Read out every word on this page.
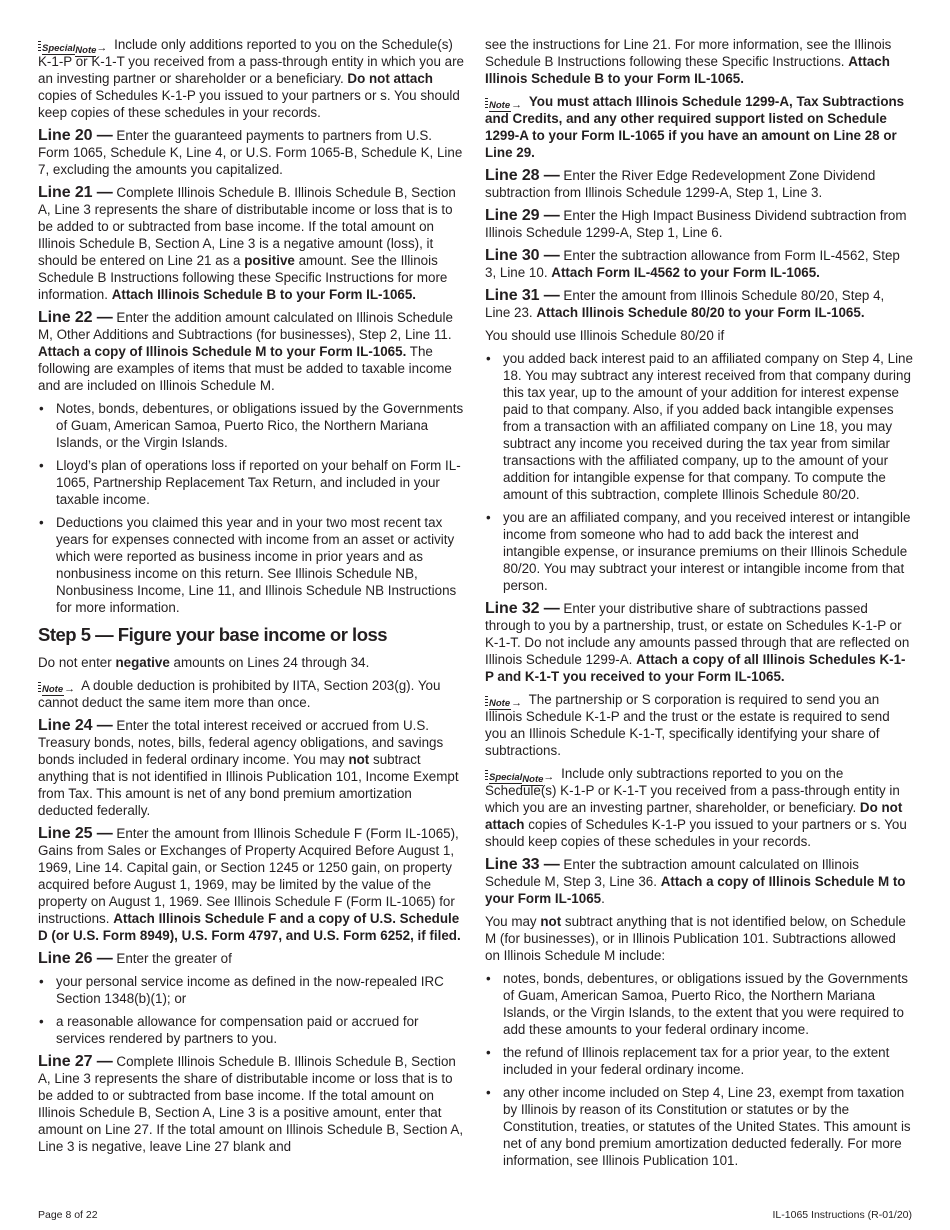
SpecialNote→ Include only additions reported to you on the Schedule(s) K-1-P or K-1-T you received from a pass-through entity in which you are an investing partner or shareholder or a beneficiary. Do not attach copies of Schedules K-1-P you issued to your partners or s. You should keep copies of these schedules in your records.

Line 20 — Enter the guaranteed payments to partners from U.S. Form 1065, Schedule K, Line 4, or U.S. Form 1065-B, Schedule K, Line 7, excluding the amounts you capitalized.

Line 21 — Complete Illinois Schedule B. Illinois Schedule B, Section A, Line 3 represents the share of distributable income or loss that is to be added to or subtracted from base income. If the total amount on Illinois Schedule B, Section A, Line 3 is a negative amount (loss), it should be entered on Line 21 as a positive amount. See the Illinois Schedule B Instructions following these Specific Instructions for more information. Attach Illinois Schedule B to your Form IL-1065.

Line 22 — Enter the addition amount calculated on Illinois Schedule M, Other Additions and Subtractions (for businesses), Step 2, Line 11. Attach a copy of Illinois Schedule M to your Form IL-1065. The following are examples of items that must be added to taxable income and are included on Illinois Schedule M.

• Notes, bonds, debentures, or obligations issued by the Governments of Guam, American Samoa, Puerto Rico, the Northern Mariana Islands, or the Virgin Islands.
• Lloyd’s plan of operations loss if reported on your behalf on Form IL-1065, Partnership Replacement Tax Return, and included in your taxable income.
• Deductions you claimed this year and in your two most recent tax years for expenses connected with income from an asset or activity which were reported as business income in prior years and as nonbusiness income on this return. See Illinois Schedule NB, Nonbusiness Income, Line 11, and Illinois Schedule NB Instructions for more information.
Step 5 — Figure your base income or loss

Do not enter negative amounts on Lines 24 through 34.

Note→ A double deduction is prohibited by IITA, Section 203(g). You cannot deduct the same item more than once.

Line 24 — Enter the total interest received or accrued from U.S. Treasury bonds, notes, bills, federal agency obligations, and savings bonds included in federal ordinary income. You may not subtract anything that is not identified in Illinois Publication 101, Income Exempt from Tax. This amount is net of any bond premium amortization deducted federally.

Line 25 — Enter the amount from Illinois Schedule F (Form IL-1065), Gains from Sales or Exchanges of Property Acquired Before August 1, 1969, Line 14. Capital gain, or Section 1245 or 1250 gain, on property acquired before August 1, 1969, may be limited by the value of the property on August 1, 1969. See Illinois Schedule F (Form IL-1065) for instructions. Attach Illinois Schedule F and a copy of U.S. Schedule D (or U.S. Form 8949), U.S. Form 4797, and U.S. Form 6252, if filed.

Line 26 — Enter the greater of

• your personal service income as defined in the now-repealed IRC Section 1348(b)(1); or
• a reasonable allowance for compensation paid or accrued for services rendered by partners to you.

Line 27 — Complete Illinois Schedule B. Illinois Schedule B, Section A, Line 3 represents the share of distributable income or loss that is to be added to or subtracted from base income. If the total amount on Illinois Schedule B, Section A, Line 3 is a positive amount, enter that amount on Line 27. If the total amount on Illinois Schedule B, Section A, Line 3 is negative, leave Line 27 blank and

see the instructions for Line 21. For more information, see the Illinois Schedule B Instructions following these Specific Instructions. Attach Illinois Schedule B to your Form IL-1065.

Note→ You must attach Illinois Schedule 1299-A, Tax Subtractions and Credits, and any other required support listed on Schedule 1299-A to your Form IL-1065 if you have an amount on Line 28 or Line 29.

Line 28 — Enter the River Edge Redevelopment Zone Dividend subtraction from Illinois Schedule 1299-A, Step 1, Line 3.

Line 29 — Enter the High Impact Business Dividend subtraction from Illinois Schedule 1299-A, Step 1, Line 6.

Line 30 — Enter the subtraction allowance from Form IL-4562, Step 3, Line 10. Attach Form IL-4562 to your Form IL-1065.

Line 31 — Enter the amount from Illinois Schedule 80/20, Step 4, Line 23. Attach Illinois Schedule 80/20 to your Form IL-1065.

You should use Illinois Schedule 80/20 if

• you added back interest paid to an affiliated company on Step 4, Line 18. You may subtract any interest received from that company during this tax year, up to the amount of your addition for interest expense paid to that company. Also, if you added back intangible expenses from a transaction with an affiliated company on Line 18, you may subtract any income you received during the tax year from similar transactions with the affiliated company, up to the amount of your addition for intangible expense for that company. To compute the amount of this subtraction, complete Illinois Schedule 80/20.
• you are an affiliated company, and you received interest or intangible income from someone who had to add back the interest and intangible expense, or insurance premiums on their Illinois Schedule 80/20. You may subtract your interest or intangible income from that person.

Line 32 — Enter your distributive share of subtractions passed through to you by a partnership, trust, or estate on Schedules K-1-P or K-1-T. Do not include any amounts passed through that are reflected on Illinois Schedule 1299-A. Attach a copy of all Illinois Schedules K-1-P and K-1-T you received to your Form IL-1065.

Note→ The partnership or S corporation is required to send you an Illinois Schedule K-1-P and the trust or the estate is required to send you an Illinois Schedule K-1-T, specifically identifying your share of subtractions.

SpecialNote→ Include only subtractions reported to you on the Schedule(s) K-1-P or K-1-T you received from a pass-through entity in which you are an investing partner, shareholder, or beneficiary. Do not attach copies of Schedules K-1-P you issued to your partners or s. You should keep copies of these schedules in your records.

Line 33 — Enter the subtraction amount calculated on Illinois Schedule M, Step 3, Line 36. Attach a copy of Illinois Schedule M to your Form IL-1065.

You may not subtract anything that is not identified below, on Schedule M (for businesses), or in Illinois Publication 101. Subtractions allowed on Illinois Schedule M include:

• notes, bonds, debentures, or obligations issued by the Governments of Guam, American Samoa, Puerto Rico, the Northern Mariana Islands, or the Virgin Islands, to the extent that you were required to add these amounts to your federal ordinary income.
• the refund of Illinois replacement tax for a prior year, to the extent included in your federal ordinary income.
• any other income included on Step 4, Line 23, exempt from taxation by Illinois by reason of its Constitution or statutes or by the Constitution, treaties, or statutes of the United States. This amount is net of any bond premium amortization deducted federally. For more information, see Illinois Publication 101.
Page 8 of 22	IL-1065 Instructions (R-01/20)
